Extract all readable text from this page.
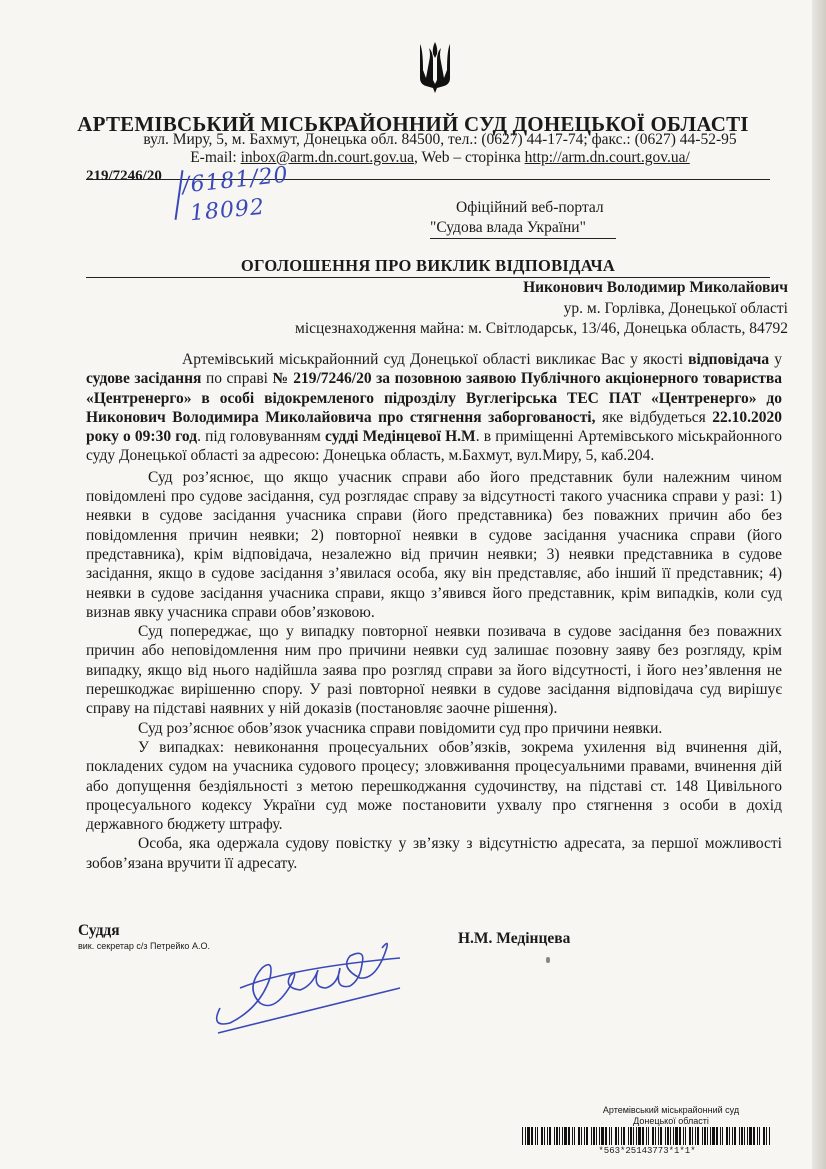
АРТЕМІВСЬКИЙ МІСЬКРАЙОННИЙ СУД ДОНЕЦЬКОЇ ОБЛАСТІ
вул. Миру, 5, м. Бахмут, Донецька обл. 84500, тел.: (0627) 44-17-74; факс.: (0627) 44-52-95
E-mail: inbox@arm.dn.court.gov.ua, Web – сторінка http://arm.dn.court.gov.ua/
219/7246/20 /6181/20
18092	Офіційний веб-портал
"Судова влада України"
ОГОЛОШЕННЯ ПРО ВИКЛИК ВІДПОВІДАЧА
Никонович Володимир Миколайович
ур. м. Горлівка, Донецької області
місцезнаходження майна: м. Світлодарськ, 13/46, Донецька область, 84792

Артемівський міськрайонний суд Донецької області викликає Вас у якості відповідача у судове засідання по справі № 219/7246/20 за позовною заявою Публічного акціонерного товариства «Центренерго» в особі відокремленого підрозділу Вуглегірська ТЕС ПАТ «Центренерго» до Никонович Володимира Миколайовича про стягнення заборгованості, яке відбудеться 22.10.2020 року о 09:30 год. під головуванням судді Медінцевої Н.М. в приміщенні Артемівського міськрайонного суду Донецької області за адресою: Донецька область, м.Бахмут, вул.Миру, 5, каб.204.

Суд роз’яснює, що якщо учасник справи або його представник були належним чином повідомлені про судове засідання, суд розглядає справу за відсутності такого учасника справи у разі: 1) неявки в судове засідання учасника справи (його представника) без поважних причин або без повідомлення причин неявки; 2) повторної неявки в судове засідання учасника справи (його представника), крім відповідача, незалежно від причин неявки; 3) неявки представника в судове засідання, якщо в судове засідання з’явилася особа, яку він представляє, або інший її представник; 4) неявки в судове засідання учасника справи, якщо з’явився його представник, крім випадків, коли суд визнав явку учасника справи обов’язковою.

Суд попереджає, що у випадку повторної неявки позивача в судове засідання без поважних причин або неповідомлення ним про причини неявки суд залишає позовну заяву без розгляду, крім випадку, якщо від нього надійшла заява про розгляд справи за його відсутності, і його нез’явлення не перешкоджає вирішенню спору. У разі повторної неявки в судове засідання відповідача суд вирішує справу на підставі наявних у ній доказів (постановляє заочне рішення).

Суд роз’яснює обов’язок учасника справи повідомити суд про причини неявки.

У випадках: невиконання процесуальних обов’язків, зокрема ухилення від вчинення дій, покладених судом на учасника судового процесу; зловживання процесуальними правами, вчинення дій або допущення бездіяльності з метою перешкоджання судочинству, на підставі ст. 148 Цивільного процесуального кодексу України суд може постановити ухвалу про стягнення з особи в дохід державного бюджету штрафу.

Особа, яка одержала судову повістку у зв’язку з відсутністю адресата, за першої можливості зобов’язана вручити її адресату.

Суддя
вик. секретар с/з Петрейко А.О.	Н.М. Медінцева
Артемівський міськрайонний суд
Донецької області
*563*25143773*1*1*
